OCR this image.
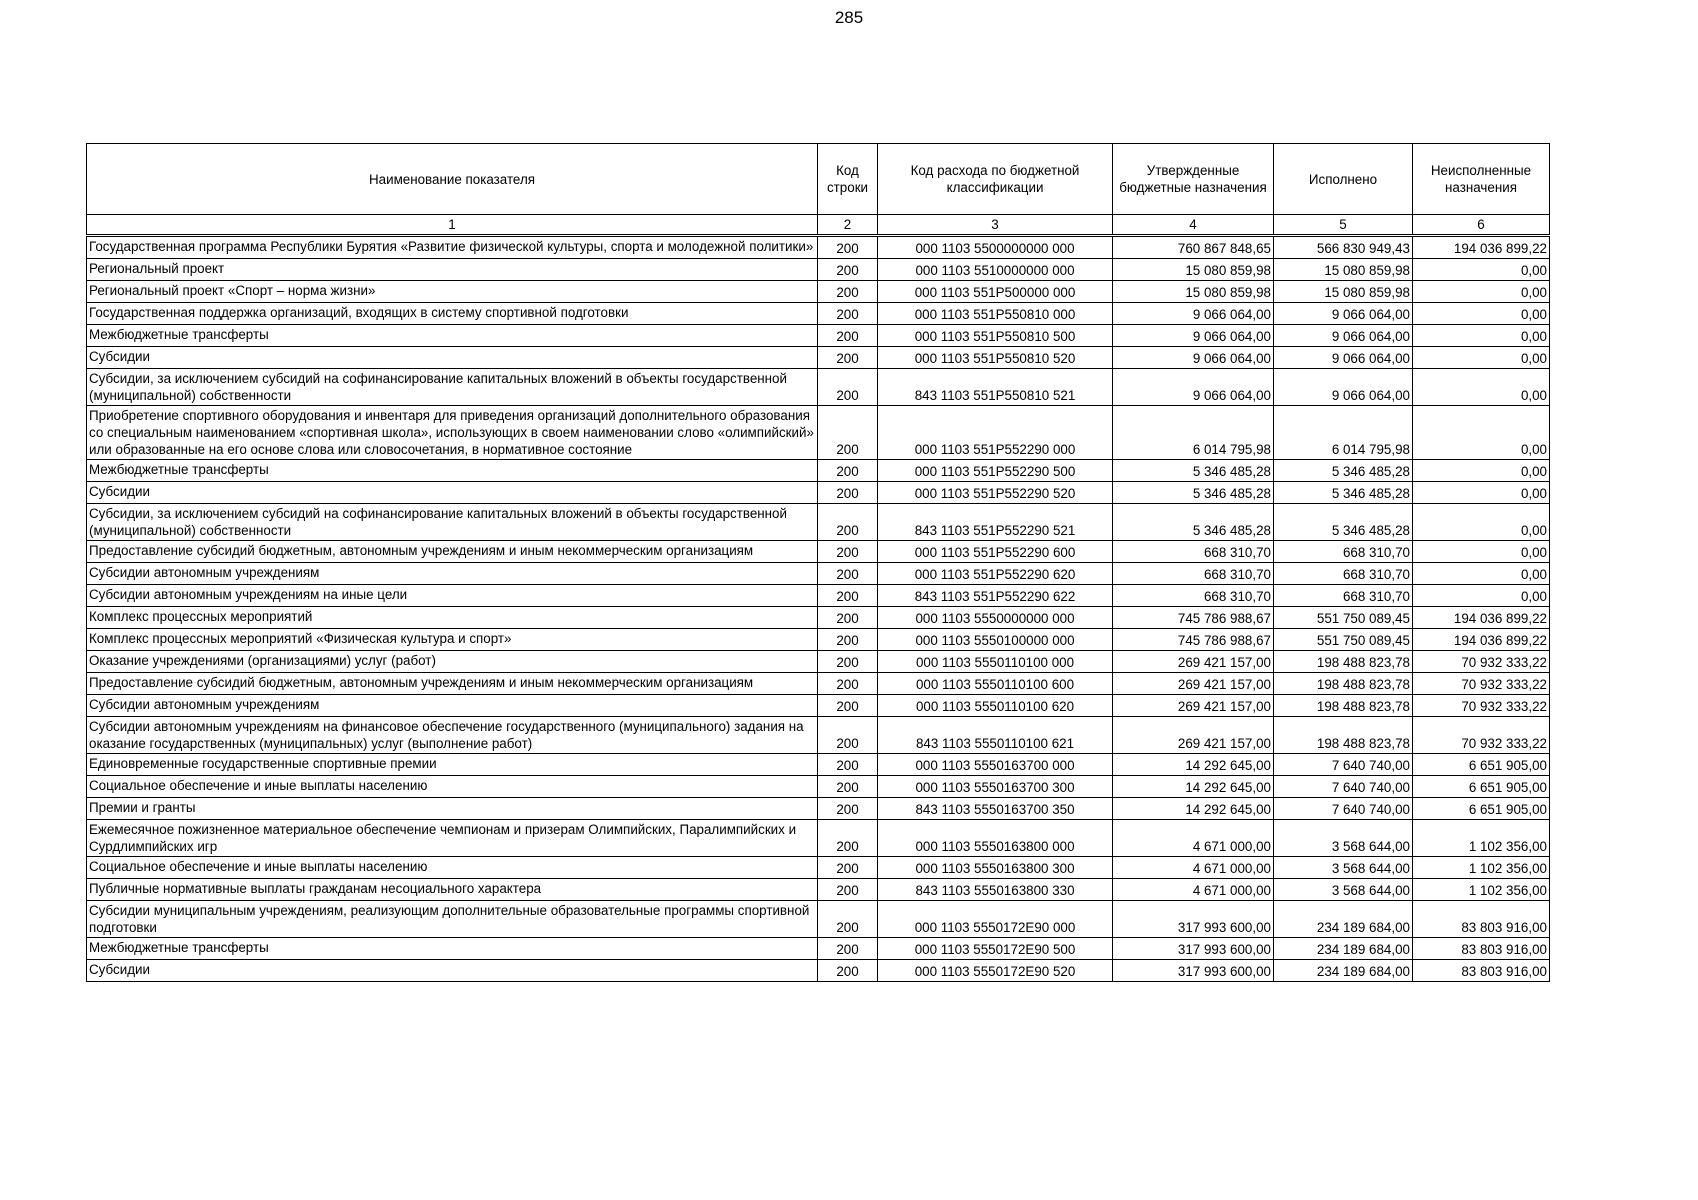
285
Наименование показателя	Код строки	Код расхода по бюджетной классификации	Утвержденные бюджетные назначения	Исполнено	Неисполненные назначения
1	2	3	4	5	6
Государственная программа Республики Бурятия «Развитие физической культуры, спорта и молодежной политики»	200	000 1103 5500000000 000	760 867 848,65	566 830 949,43	194 036 899,22
Региональный проект	200	000 1103 5510000000 000	15 080 859,98	15 080 859,98	0,00
Региональный проект «Спорт – норма жизни»	200	000 1103 551P500000 000	15 080 859,98	15 080 859,98	0,00
Государственная поддержка организаций, входящих в систему спортивной подготовки	200	000 1103 551P550810 000	9 066 064,00	9 066 064,00	0,00
Межбюджетные трансферты	200	000 1103 551P550810 500	9 066 064,00	9 066 064,00	0,00
Субсидии	200	000 1103 551P550810 520	9 066 064,00	9 066 064,00	0,00
Субсидии, за исключением субсидий на софинансирование капитальных вложений в объекты государственной (муниципальной) собственности	200	843 1103 551P550810 521	9 066 064,00	9 066 064,00	0,00
Приобретение спортивного оборудования и инвентаря для приведения организаций дополнительного образования со специальным наименованием «спортивная школа», использующих в своем наименовании слово «олимпийский» или образованные на его основе слова или словосочетания, в нормативное состояние	200	000 1103 551P552290 000	6 014 795,98	6 014 795,98	0,00
Межбюджетные трансферты	200	000 1103 551P552290 500	5 346 485,28	5 346 485,28	0,00
Субсидии	200	000 1103 551P552290 520	5 346 485,28	5 346 485,28	0,00
Субсидии, за исключением субсидий на софинансирование капитальных вложений в объекты государственной (муниципальной) собственности	200	843 1103 551P552290 521	5 346 485,28	5 346 485,28	0,00
Предоставление субсидий бюджетным, автономным учреждениям и иным некоммерческим организациям	200	000 1103 551P552290 600	668 310,70	668 310,70	0,00
Субсидии автономным учреждениям	200	000 1103 551P552290 620	668 310,70	668 310,70	0,00
Субсидии автономным учреждениям на иные цели	200	843 1103 551P552290 622	668 310,70	668 310,70	0,00
Комплекс процессных мероприятий	200	000 1103 5550000000 000	745 786 988,67	551 750 089,45	194 036 899,22
Комплекс процессных мероприятий «Физическая культура и спорт»	200	000 1103 5550100000 000	745 786 988,67	551 750 089,45	194 036 899,22
Оказание учреждениями (организациями) услуг (работ)	200	000 1103 5550110100 000	269 421 157,00	198 488 823,78	70 932 333,22
Предоставление субсидий бюджетным, автономным учреждениям и иным некоммерческим организациям	200	000 1103 5550110100 600	269 421 157,00	198 488 823,78	70 932 333,22
Субсидии автономным учреждениям	200	000 1103 5550110100 620	269 421 157,00	198 488 823,78	70 932 333,22
Субсидии автономным учреждениям на финансовое обеспечение государственного (муниципального) задания на оказание государственных (муниципальных) услуг (выполнение работ)	200	843 1103 5550110100 621	269 421 157,00	198 488 823,78	70 932 333,22
Единовременные государственные спортивные премии	200	000 1103 5550163700 000	14 292 645,00	7 640 740,00	6 651 905,00
Социальное обеспечение и иные выплаты населению	200	000 1103 5550163700 300	14 292 645,00	7 640 740,00	6 651 905,00
Премии и гранты	200	843 1103 5550163700 350	14 292 645,00	7 640 740,00	6 651 905,00
Ежемесячное пожизненное материальное обеспечение чемпионам и призерам Олимпийских, Паралимпийских и Сурдлимпийских игр	200	000 1103 5550163800 000	4 671 000,00	3 568 644,00	1 102 356,00
Социальное обеспечение и иные выплаты населению	200	000 1103 5550163800 300	4 671 000,00	3 568 644,00	1 102 356,00
Публичные нормативные выплаты гражданам несоциального характера	200	843 1103 5550163800 330	4 671 000,00	3 568 644,00	1 102 356,00
Субсидии муниципальным учреждениям, реализующим дополнительные образовательные программы спортивной подготовки	200	000 1103 5550172E90 000	317 993 600,00	234 189 684,00	83 803 916,00
Межбюджетные трансферты	200	000 1103 5550172E90 500	317 993 600,00	234 189 684,00	83 803 916,00
Субсидии	200	000 1103 5550172E90 520	317 993 600,00	234 189 684,00	83 803 916,00
